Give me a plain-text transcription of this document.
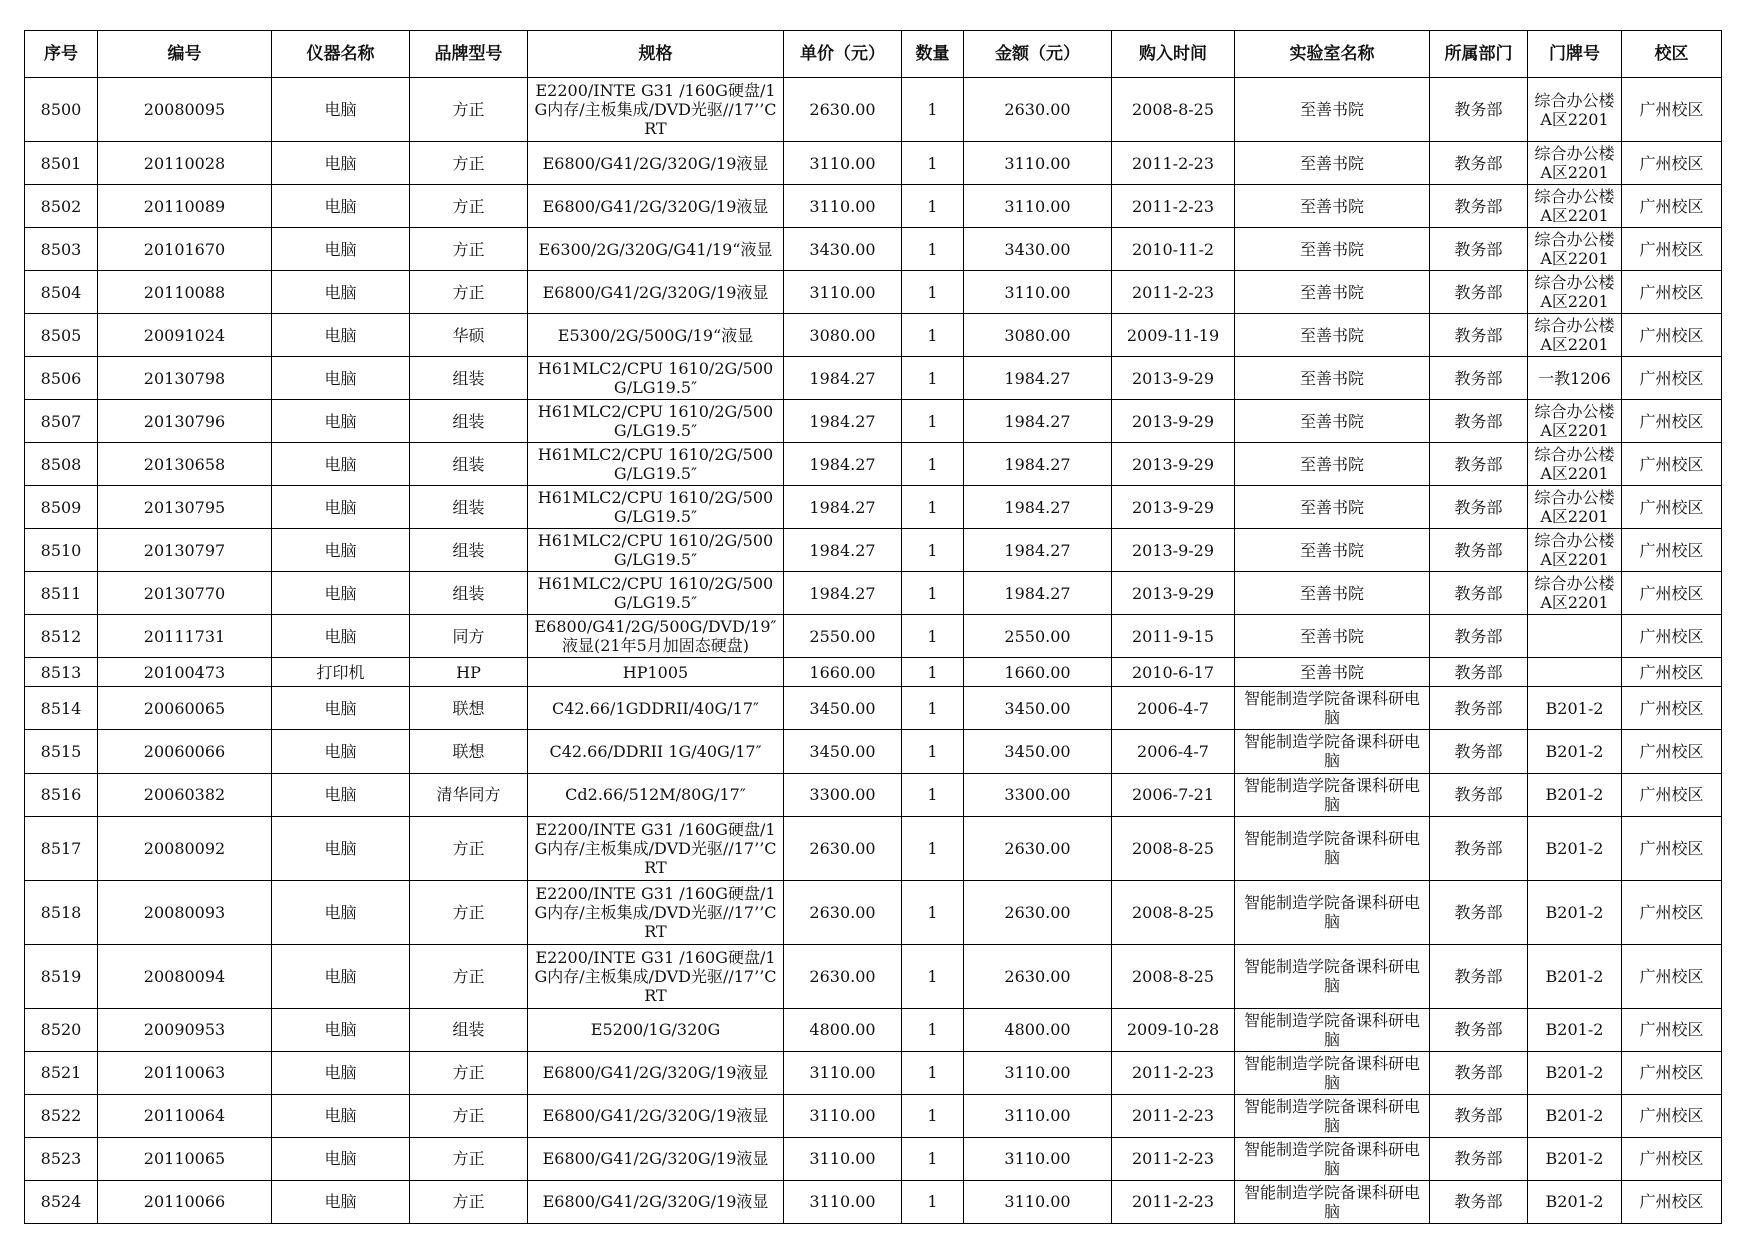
序号	编号	仪器名称	品牌型号	规格	单价（元）	数量	金额（元）	购入时间	实验室名称	所属部门	门牌号	校区

8500	20080095	电脑	方正	E2200/INTE G31 /160G硬盘/1G内存/主板集成/DVD光驱//17’’CRT	2630.00	1	2630.00	2008-8-25	至善书院	教务部	综合办公楼A区2201	广州校区

8501	20110028	电脑	方正	E6800/G41/2G/320G/19液显	3110.00	1	3110.00	2011-2-23	至善书院	教务部	综合办公楼A区2201	广州校区

8502	20110089	电脑	方正	E6800/G41/2G/320G/19液显	3110.00	1	3110.00	2011-2-23	至善书院	教务部	综合办公楼A区2201	广州校区

8503	20101670	电脑	方正	E6300/2G/320G/G41/19“液显	3430.00	1	3430.00	2010-11-2	至善书院	教务部	综合办公楼A区2201	广州校区

8504	20110088	电脑	方正	E6800/G41/2G/320G/19液显	3110.00	1	3110.00	2011-2-23	至善书院	教务部	综合办公楼A区2201	广州校区

8505	20091024	电脑	华硕	E5300/2G/500G/19“液显	3080.00	1	3080.00	2009-11-19	至善书院	教务部	综合办公楼A区2201	广州校区

8506	20130798	电脑	组装	H61MLC2/CPU 1610/2G/500G/LG19.5″	1984.27	1	1984.27	2013-9-29	至善书院	教务部	一教1206	广州校区

8507	20130796	电脑	组装	H61MLC2/CPU 1610/2G/500G/LG19.5″	1984.27	1	1984.27	2013-9-29	至善书院	教务部	综合办公楼A区2201	广州校区

8508	20130658	电脑	组装	H61MLC2/CPU 1610/2G/500G/LG19.5″	1984.27	1	1984.27	2013-9-29	至善书院	教务部	综合办公楼A区2201	广州校区

8509	20130795	电脑	组装	H61MLC2/CPU 1610/2G/500G/LG19.5″	1984.27	1	1984.27	2013-9-29	至善书院	教务部	综合办公楼A区2201	广州校区

8510	20130797	电脑	组装	H61MLC2/CPU 1610/2G/500G/LG19.5″	1984.27	1	1984.27	2013-9-29	至善书院	教务部	综合办公楼A区2201	广州校区

8511	20130770	电脑	组装	H61MLC2/CPU 1610/2G/500G/LG19.5″	1984.27	1	1984.27	2013-9-29	至善书院	教务部	综合办公楼A区2201	广州校区

8512	20111731	电脑	同方	E6800/G41/2G/500G/DVD/19″液显(21年5月加固态硬盘)	2550.00	1	2550.00	2011-9-15	至善书院	教务部		广州校区

8513	20100473	打印机	HP	HP1005	1660.00	1	1660.00	2010-6-17	至善书院	教务部		广州校区

8514	20060065	电脑	联想	C42.66/1GDDRII/40G/17″	3450.00	1	3450.00	2006-4-7	智能制造学院备课科研电脑	教务部	B201-2	广州校区

8515	20060066	电脑	联想	C42.66/DDRII 1G/40G/17″	3450.00	1	3450.00	2006-4-7	智能制造学院备课科研电脑	教务部	B201-2	广州校区

8516	20060382	电脑	清华同方	Cd2.66/512M/80G/17″	3300.00	1	3300.00	2006-7-21	智能制造学院备课科研电脑	教务部	B201-2	广州校区

8517	20080092	电脑	方正	E2200/INTE G31 /160G硬盘/1G内存/主板集成/DVD光驱//17’’CRT	2630.00	1	2630.00	2008-8-25	智能制造学院备课科研电脑	教务部	B201-2	广州校区

8518	20080093	电脑	方正	E2200/INTE G31 /160G硬盘/1G内存/主板集成/DVD光驱//17’’CRT	2630.00	1	2630.00	2008-8-25	智能制造学院备课科研电脑	教务部	B201-2	广州校区

8519	20080094	电脑	方正	E2200/INTE G31 /160G硬盘/1G内存/主板集成/DVD光驱//17’’CRT	2630.00	1	2630.00	2008-8-25	智能制造学院备课科研电脑	教务部	B201-2	广州校区

8520	20090953	电脑	组装	E5200/1G/320G	4800.00	1	4800.00	2009-10-28	智能制造学院备课科研电脑	教务部	B201-2	广州校区

8521	20110063	电脑	方正	E6800/G41/2G/320G/19液显	3110.00	1	3110.00	2011-2-23	智能制造学院备课科研电脑	教务部	B201-2	广州校区

8522	20110064	电脑	方正	E6800/G41/2G/320G/19液显	3110.00	1	3110.00	2011-2-23	智能制造学院备课科研电脑	教务部	B201-2	广州校区

8523	20110065	电脑	方正	E6800/G41/2G/320G/19液显	3110.00	1	3110.00	2011-2-23	智能制造学院备课科研电脑	教务部	B201-2	广州校区

8524	20110066	电脑	方正	E6800/G41/2G/320G/19液显	3110.00	1	3110.00	2011-2-23	智能制造学院备课科研电脑	教务部	B201-2	广州校区
